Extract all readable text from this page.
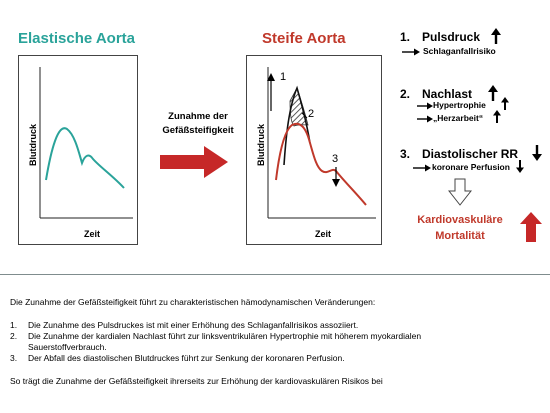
Elastische Aorta
Blutdruck
Zeit
Zunahme der
Gefäßsteifigkeit
Steife Aorta
1
2
3
Blutdruck
Zeit
1. Pulsdruck
Schlaganfallrisiko
2. Nachlast
Hypertrophie
„Herzarbeit“
3. Diastolischer RR
koronare Perfusion
Kardiovaskuläre
Mortalität
Die Zunahme der Gefäßsteifigkeit führt zu charakteristischen hämodynamischen Veränderungen:
1. Die Zunahme des Pulsdruckes ist mit einer Erhöhung des Schlaganfallrisikos assoziiert.
2. Die Zunahme der kardialen Nachlast führt zur linksventrikulären Hypertrophie mit höherem myokardialen Sauerstoffverbrauch.
3. Der Abfall des diastolischen Blutdruckes führt zur Senkung der koronaren Perfusion.
So trägt die Zunahme der Gefäßsteifigkeit ihrerseits zur Erhöhung der kardiovaskulären Risikos bei
